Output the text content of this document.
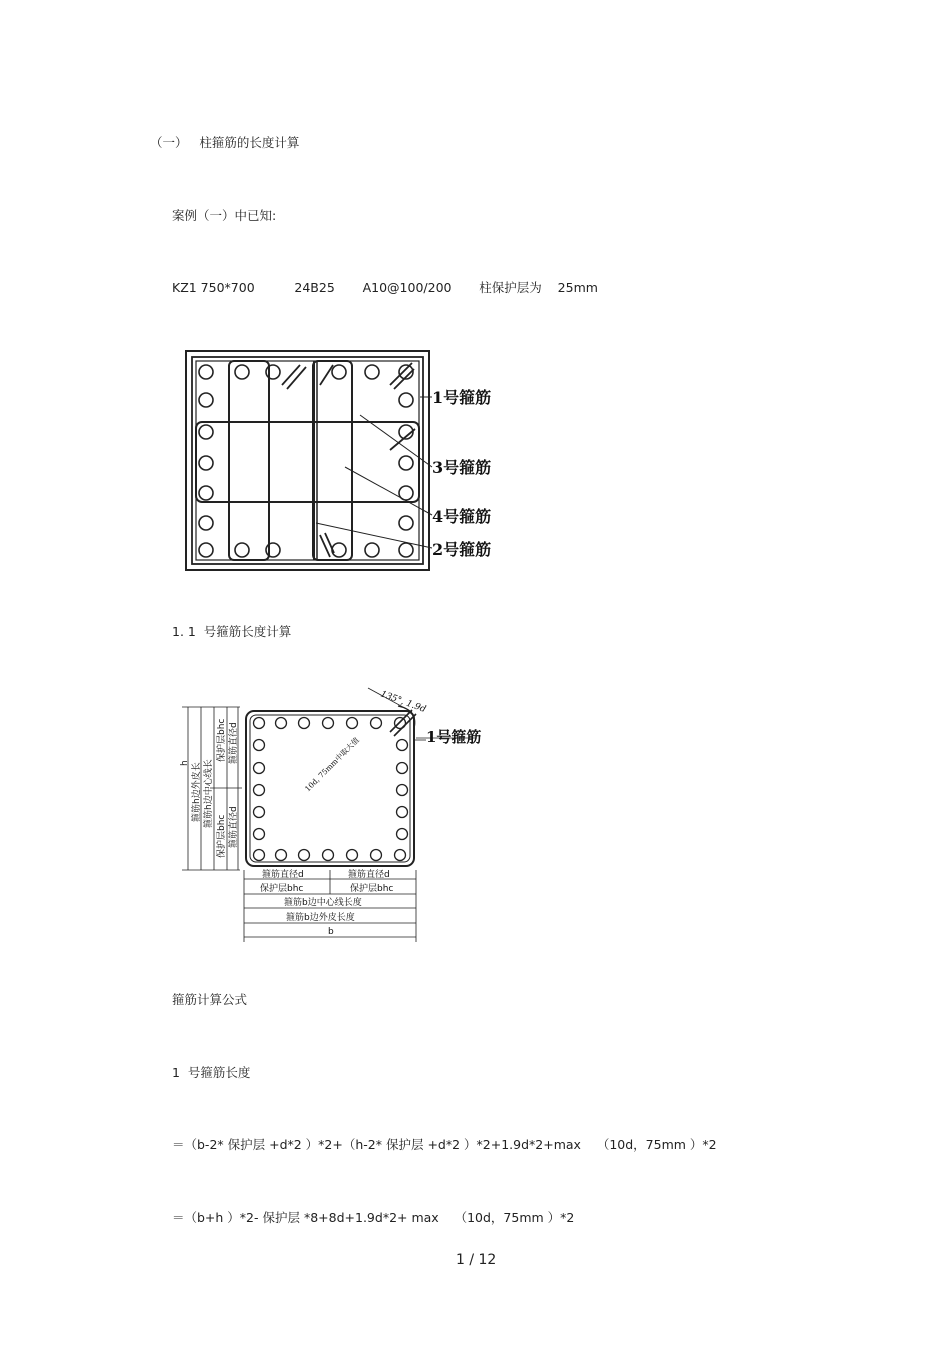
（一）   柱箍筋的长度计算
案例（一）中已知:
KZ1 750*700          24B25       A10@100/200       柱保护层为    25mm
1号箍筋
3号箍筋
4号箍筋
2号箍筋
1. 1  号箍筋长度计算
135°, 1.9d
1号箍筋
10d, 75mm中取大值
箍筋直径d	箍筋直径d
保护层bhc	保护层bhc
箍筋b边中心线长度
箍筋b边外皮长度
b
h 箍筋h边外皮长 箍筋h边中心线长
保护层bhc 箍筋直径d
保护层bhc 箍筋直径d
箍筋计算公式
1  号箍筋长度
＝（b-2* 保护层 +d*2 ）*2+（h-2* 保护层 +d*2 ）*2+1.9d*2+max    （10d，75mm ）*2
＝（b+h ）*2- 保护层 *8+8d+1.9d*2+ max    （10d，75mm ）*2
1 / 12
